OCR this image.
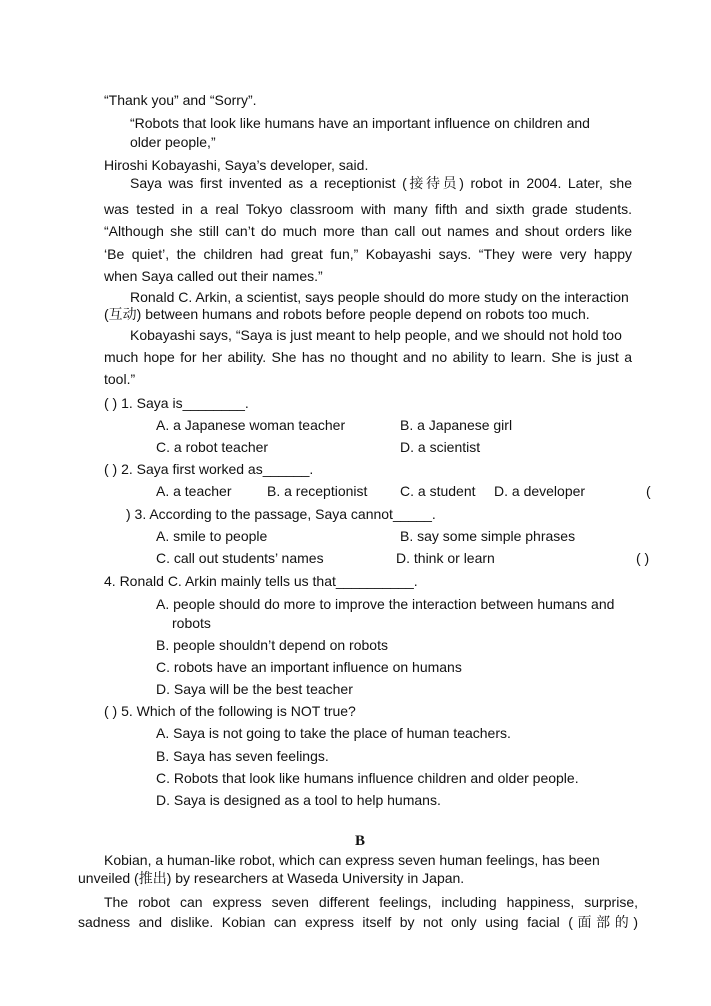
“Thank you” and “Sorry”.
“Robots that look like humans have an important influence on children and
older people,”
Hiroshi Kobayashi, Saya’s developer, said.
Saya was first invented as a receptionist (接待员) robot in 2004. Later, she
was tested in a real Tokyo classroom with many fifth and sixth grade students.
“Although she still can’t do much more than call out names and shout orders like
‘Be quiet’, the children had great fun,” Kobayashi says. “They were very happy
when Saya called out their names.”
Ronald C. Arkin, a scientist, says people should do more study on the interaction
(互动) between humans and robots before people depend on robots too much.
Kobayashi says, “Saya is just meant to help people, and we should not hold too
much hope for her ability. She has no thought and no ability to learn. She is just a
tool.”
( ) 1. Saya is________.
A. a Japanese woman teacher	B. a Japanese girl
C. a robot teacher	D. a scientist
( ) 2. Saya first worked as______.
A. a teacher	B. a receptionist C. a student D. a developer	(
) 3. According to the passage, Saya cannot_____.
A. smile to people	B. say some simple phrases
C. call out students’ names	D. think or learn	( )
4. Ronald C. Arkin mainly tells us that__________.
A. people should do more to improve the interaction between humans and
robots
B. people shouldn’t depend on robots
C. robots have an important influence on humans
D. Saya will be the best teacher
( ) 5. Which of the following is NOT true?
A. Saya is not going to take the place of human teachers.
B. Saya has seven feelings.
C. Robots that look like humans influence children and older people.
D. Saya is designed as a tool to help humans.
B
Kobian, a human-like robot, which can express seven human feelings, has been
unveiled (推出) by researchers at Waseda University in Japan.
The robot can express seven different feelings, including happiness, surprise,
sadness and dislike. Kobian can express itself by not only using facial (面部的)
